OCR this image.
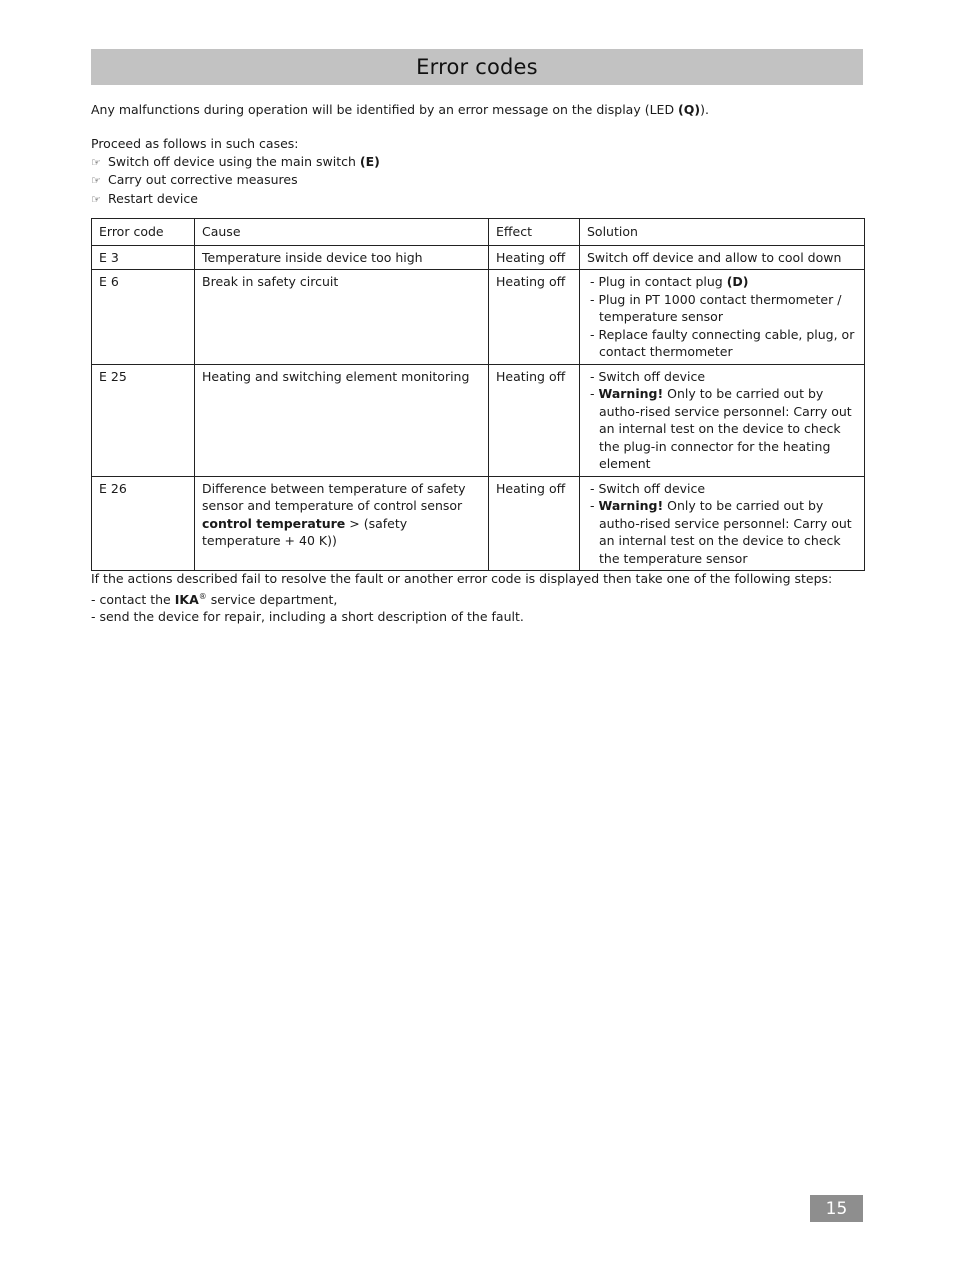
Error codes
Any malfunctions during operation will be identified by an error message on the display (LED (Q)).
Proceed as follows in such cases:
☞ Switch off device using the main switch (E)
☞ Carry out corrective measures
☞ Restart device
Error code	Cause	Effect	Solution
E 3	Temperature inside device too high	Heating off	Switch off device and allow to cool down
E 6	Break in safety circuit	Heating off	- Plug in contact plug (D)
- Plug in PT 1000 contact thermometer / temperature sensor
- Replace faulty connecting cable, plug, or contact thermometer

E 25	Heating and switching element monitoring	Heating off	- Switch off device
- Warning! Only to be carried out by autho-rised service personnel: Carry out an internal test on the device to check the plug-in connector for the heating element

E 26	Difference between temperature of safety sensor and temperature of control sensor control temperature > (safety temperature + 40 K))	Heating off	- Switch off device
- Warning! Only to be carried out by autho-rised service personnel: Carry out an internal test on the device to check the temperature sensor
If the actions described fail to resolve the fault or another error code is displayed then take one of the following steps:
- contact the IKA® service department,
- send the device for repair, including a short description of the fault.
15
